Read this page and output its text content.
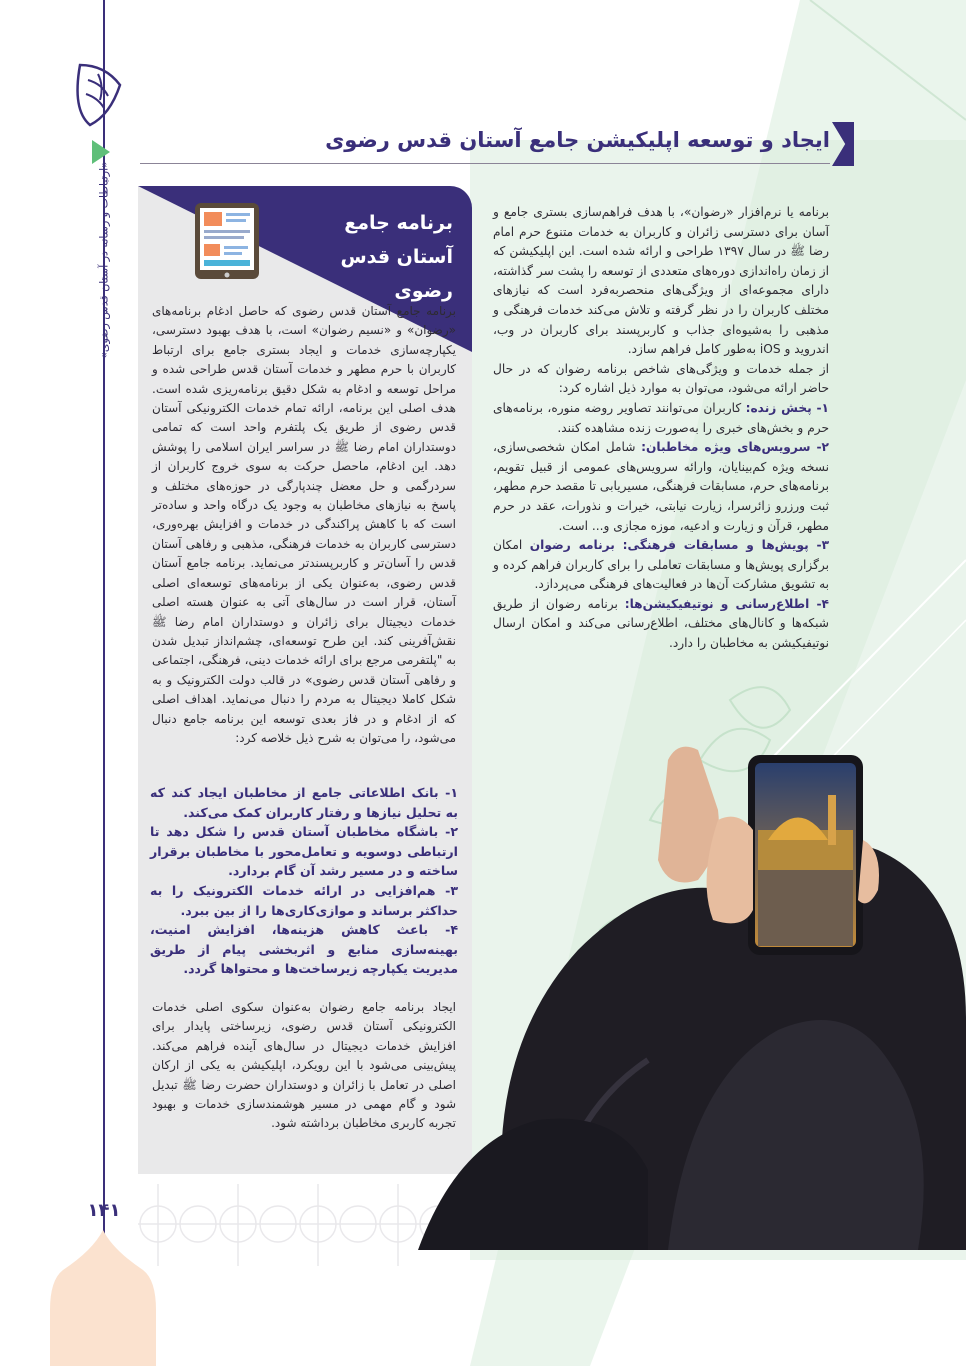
«ارتباطات و رسانه در آستان قدس رضوی»
۱۴۱
ایجاد و توسعه اپلیکیشن جامع آستان قدس رضوی

برنامه‌ یا نرم‌افزار «رضوان»، با هدف فراهم‌سازی بستری جامع و آسان برای دسترسی زائران و کاربران به خدمات متنوع حرم امام رضا ﷺ در سال ۱۳۹۷ طراحی و ارائه شده است. این اپلیکیشن که از زمان راه‌اندازی دوره‌های متعددی از توسعه را پشت سر گذاشته، دارای مجموعه‌ای از ویژگی‌های منحصربه‌فرد است که نیازهای مختلف کاربران را در نظر گرفته و تلاش می‌کند خدمات فرهنگی و مذهبی را به‌شیوه‌ای جذاب و کاربرپسند برای کاربران در وب، اندروید و iOS به‌طور کامل فراهم سازد.

از جمله خدمات و ویژگی‌های شاخص برنامه رضوان که در حال حاضر ارائه می‌شود، می‌توان به موارد ذیل اشاره کرد:

۱- پخش زنده: کاربران می‌توانند تصاویر روضه منوره، برنامه‌های حرم و بخش‌های خبری را به‌صورت زنده مشاهده کنند.

۲- سرویس‌های ویژه مخاطبان: شامل امکان شخصی‌سازی، نسخه ویژه کم‌بینایان، وارائه سرویس‌های عمومی از قبیل تقویم، برنامه‌های حرم، مسابقات فرهنگی، مسیریابی تا مقصد حرم مطهر، ثبت ورزرو زائرسرا، زیارت نیابتی، خیرات و نذورات، عقد در حرم مطهر، قرآن و زیارت و ادعیه، موزه مجازی و... است.

۳- پویش‌ها و مسابقات فرهنگی: برنامه رضوان امکان برگزاری پویش‌ها و مسابقات تعاملی را برای کاربران فراهم کرده و به تشویق مشارکت آن‌ها در فعالیت‌های فرهنگی می‌پردازد.

۴- اطلاع‌رسانی و نوتیفیکیشن‌ها: برنامه رضوان از طریق شبکه‌ها و کانال‌های مختلف، اطلاع‌رسانی می‌کند و امکان ارسال نوتیفیکیشن به مخاطبان را دارد.

برنامه جامع
آستان قدس رضوی

برنامه جامع آستان قدس رضوی که حاصل ادغام برنامه‌های «رضوان» و «نسیم رضوان» است، با هدف بهبود دسترسی، یکپارچه‌سازی خدمات و ایجاد بستری جامع برای ارتباط کاربران با حرم مطهر و خدمات آستان قدس طراحی شده و مراحل توسعه و ادغام به شکل دقیق برنامه‌ریزی شده است. هدف اصلی این برنامه، ارائه تمام خدمات الکترونیکی آستان قدس رضوی از طریق یک پلتفرم واحد است که تمامی دوستداران امام رضا ﷺ در سراسر ایران اسلامی را پوشش دهد. این ادغام، ماحصل حرکت به سوی خروج کاربران از سردرگمی و حل معضل چندپارگی در حوزه‌های مختلف و پاسخ به نیازهای مخاطبان به وجود یک درگاه واحد و ساده‌تر است که با کاهش پراکندگی در خدمات و افزایش بهره‌وری، دسترسی کاربران به خدمات فرهنگی، مذهبی و رفاهی آستان قدس را آسان‌تر و کاربرپسندتر می‌نماید. برنامه جامع آستان قدس رضوی، به‌عنوان یکی از برنامه‌های توسعه‌ای اصلی آستان، قرار است در سال‌های آتی به عنوان هسته اصلی خدمات دیجیتال برای زائران و دوستداران امام رضا ﷺ نقش‌آفرینی کند. این طرح توسعه‌ای، چشم‌انداز تبدیل شدن به "پلتفرمی مرجع برای ارائه خدمات دینی، فرهنگی، اجتماعی و رفاهی آستان قدس رضوی» در قالب دولت الکترونیک و به شکل کاملا دیجیتال به مردم را دنبال می‌نماید. اهداف اصلی که از ادغام و در فاز بعدی توسعه این برنامه جامع دنبال می‌شود، را می‌توان به شرح ذیل خلاصه کرد:

۱- بانک اطلاعاتی جامع از مخاطبان ایجاد کند که به تحلیل نیازها و رفتار کاربران کمک می‌کند.

۲- باشگاه مخاطبان آستان قدس را شکل دهد تا ارتباطی دوسویه و تعامل‌محور با مخاطبان برقرار ساخته و در مسیر رشد آن گام بردارد.

۳- هم‌افزایی در ارائه خدمات الکترونیک را به حداکثر برساند و موازی‌کاری‌ها را از بین ببرد.

۴- باعث کاهش هزینه‌ها، افزایش امنیت، بهینه‌سازی منابع و اثربخشی پیام از طریق مدیریت یکپارچه زیرساخت‌ها و محتواها گردد.

ایجاد برنامه جامع رضوان به‌عنوان سکوی اصلی خدمات الکترونیکی آستان قدس رضوی، زیرساختی پایدار برای افزایش خدمات دیجیتال در سال‌های آینده فراهم می‌کند. پیش‌بینی می‌شود با این رویکرد، اپلیکیشن به یکی از ارکان اصلی در تعامل با زائران و دوستداران حضرت رضا ﷺ تبدیل شود و گام مهمی در مسیر هوشمندسازی خدمات و بهبود تجربه کاربری مخاطبان برداشته شود.
